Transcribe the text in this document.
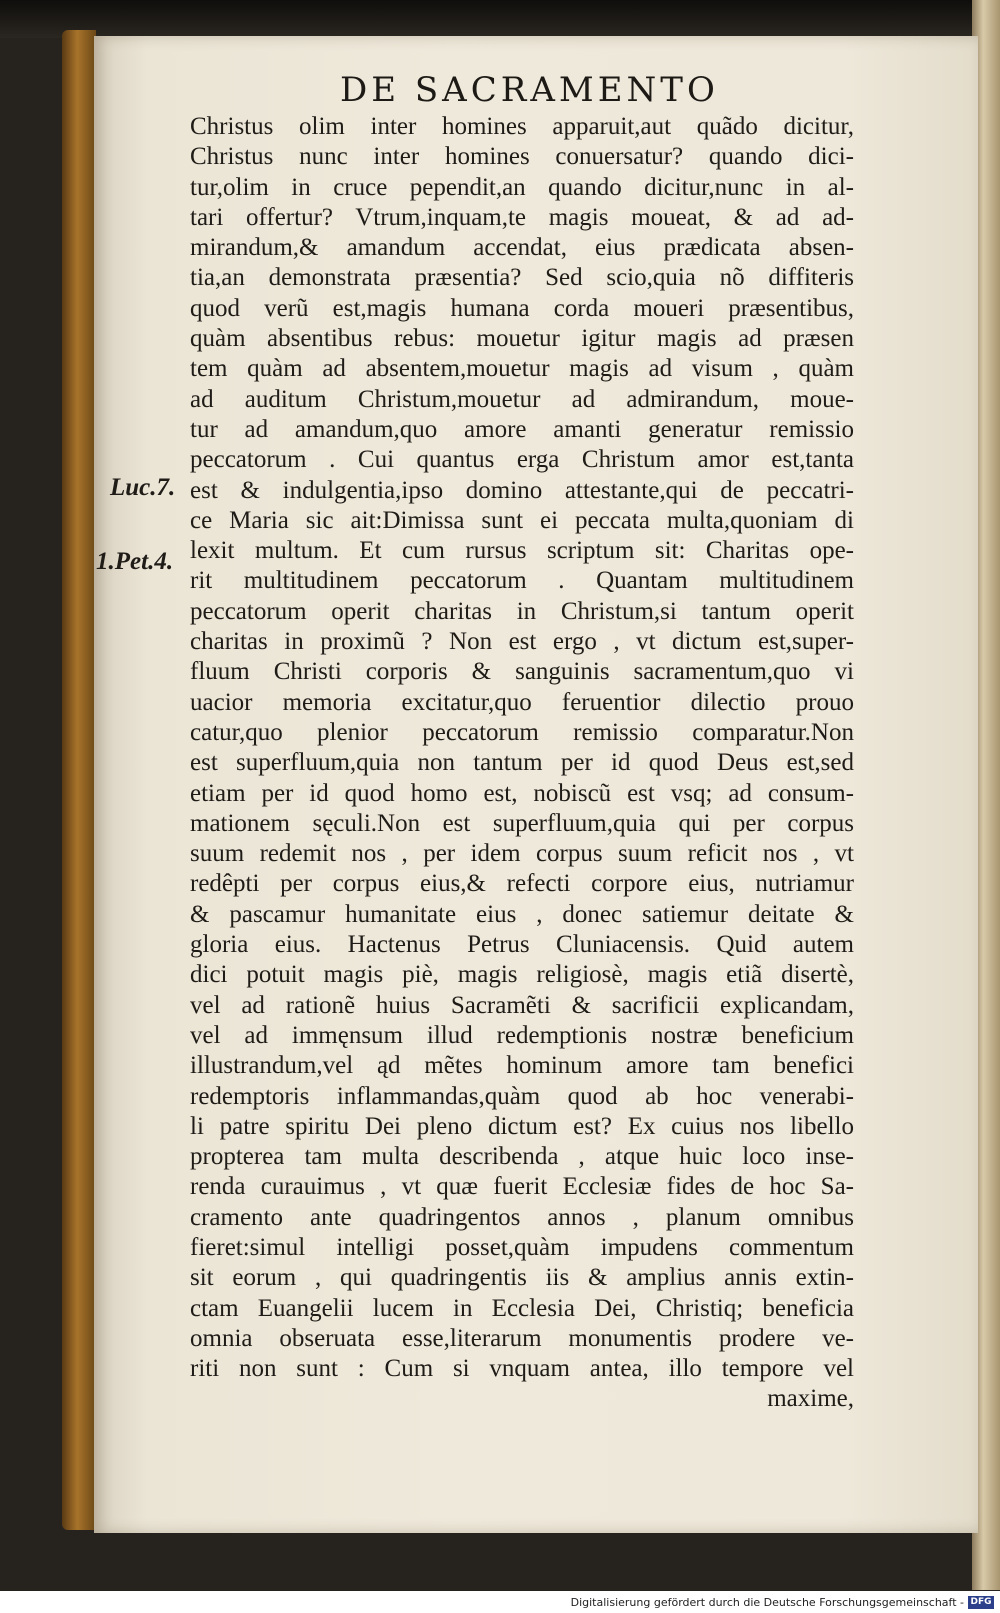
DE SACRAMENTO
Luc.7.
1.Pet.4.
Christus olim inter homines apparuit,aut quãdo dicitur,
Christus nunc inter homines conuersatur? quando dici-
tur,olim in cruce pependit,an quando dicitur,nunc in al-
tari offertur? Vtrum,inquam,te magis moueat, & ad ad-
mirandum,& amandum accendat, eius prædicata absen-
tia,an demonstrata præsentia? Sed scio,quia nõ diffiteris
quod verũ est,magis humana corda moueri præsentibus,
quàm absentibus rebus: mouetur igitur magis ad præsen
tem quàm ad absentem,mouetur magis ad visum , quàm
ad auditum Christum,mouetur ad admirandum, moue-
tur ad amandum,quo amore amanti generatur remissio
peccatorum . Cui quantus erga Christum amor est,tanta
est & indulgentia,ipso domino attestante,qui de peccatri-
ce Maria sic ait:Dimissa sunt ei peccata multa,quoniam di
lexit multum. Et cum rursus scriptum sit: Charitas ope-
rit multitudinem peccatorum . Quantam multitudinem
peccatorum operit charitas in Christum,si tantum operit
charitas in proximũ ? Non est ergo , vt dictum est,super-
fluum Christi corporis & sanguinis sacramentum,quo vi
uacior memoria excitatur,quo feruentior dilectio prouo
catur,quo plenior peccatorum remissio comparatur.Non
est superfluum,quia non tantum per id quod Deus est,sed
etiam per id quod homo est, nobiscũ est vsq; ad consum-
mationem sęculi.Non est superfluum,quia qui per corpus
suum redemit nos , per idem corpus suum reficit nos , vt
redêpti per corpus eius,& refecti corpore eius, nutriamur
& pascamur humanitate eius , donec satiemur deitate &
gloria eius. Hactenus Petrus Cluniacensis. Quid autem
dici potuit magis piè, magis religiosè, magis etiã disertè,
vel ad rationẽ huius Sacramẽti & sacrificii explicandam,
vel ad immęnsum illud redemptionis nostræ beneficium
illustrandum,vel ąd mẽtes hominum amore tam benefici
redemptoris inflammandas,quàm quod ab hoc venerabi-
li patre spiritu Dei pleno dictum est? Ex cuius nos libello
propterea tam multa describenda , atque huic loco inse-
renda curauimus , vt quæ fuerit Ecclesiæ fides de hoc Sa-
cramento ante quadringentos annos , planum omnibus
fieret:simul intelligi posset,quàm impudens commentum
sit eorum , qui quadringentis iis & amplius annis extin-
ctam Euangelii lucem in Ecclesia Dei, Christiq; beneficia
omnia obseruata esse,literarum monumentis prodere ve-
riti non sunt : Cum si vnquam antea, illo tempore vel
maxime,
Digitalisierung gefördert durch die Deutsche Forschungsgemeinschaft - DFG
